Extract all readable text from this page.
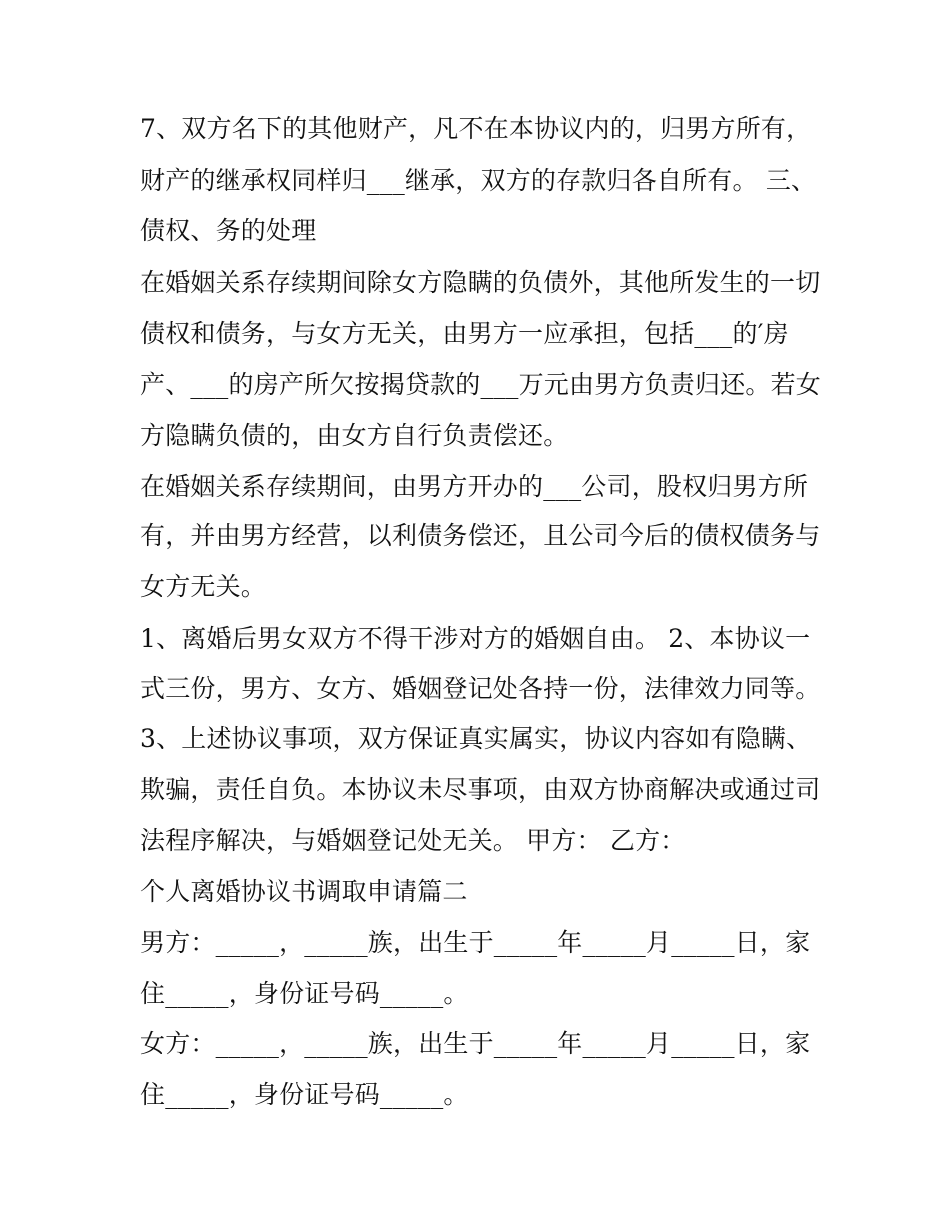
7、双方名下的其他财产，凡不在本协议内的，归男方所有，
财产的继承权同样归___继承，双方的存款归各自所有。 三、
债权、务的处理
在婚姻关系存续期间除女方隐瞒的负债外，其他所发生的一切
债权和债务，与女方无关，由男方一应承担，包括___的′房
产、___的房产所欠按揭贷款的___万元由男方负责归还。若女
方隐瞒负债的，由女方自行负责偿还。
在婚姻关系存续期间，由男方开办的___公司，股权归男方所
有，并由男方经营，以利债务偿还，且公司今后的债权债务与
女方无关。
1、离婚后男女双方不得干涉对方的婚姻自由。 2、本协议一
式三份，男方、女方、婚姻登记处各持一份，法律效力同等。
3、上述协议事项，双方保证真实属实，协议内容如有隐瞒、
欺骗，责任自负。本协议未尽事项，由双方协商解决或通过司
法程序解决，与婚姻登记处无关。 甲方： 乙方：
个人离婚协议书调取申请篇二
男方：_____，_____族，出生于_____年_____月_____日，家
住_____，身份证号码_____。
女方：_____，_____族，出生于_____年_____月_____日，家
住_____，身份证号码_____。
